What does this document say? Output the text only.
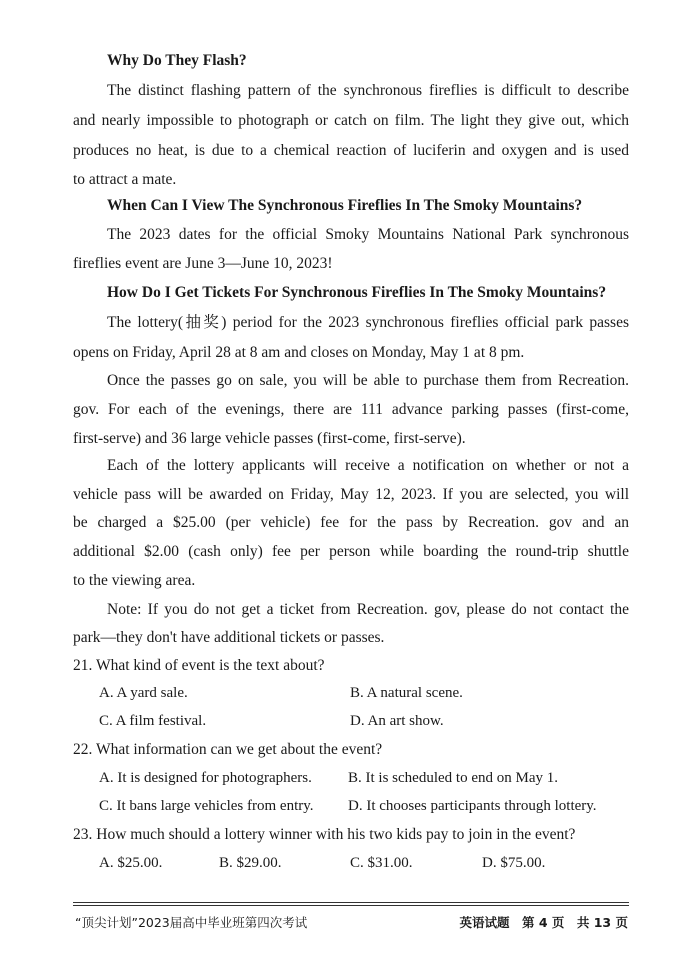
Why Do They Flash?
The distinct flashing pattern of the synchronous fireflies is difficult to describe
and nearly impossible to photograph or catch on film. The light they give out, which
produces no heat, is due to a chemical reaction of luciferin and oxygen and is used
to attract a mate.
When Can I View The Synchronous Fireflies In The Smoky Mountains?
The 2023 dates for the official Smoky Mountains National Park synchronous
fireflies event are June 3—June 10, 2023!
How Do I Get Tickets For Synchronous Fireflies In The Smoky Mountains?
The lottery(抽奖) period for the 2023 synchronous fireflies official park passes
opens on Friday, April 28 at 8 am and closes on Monday, May 1 at 8 pm.
Once the passes go on sale, you will be able to purchase them from Recreation.
gov. For each of the evenings, there are 111 advance parking passes (first-come,
first-serve) and 36 large vehicle passes (first-come, first-serve).
Each of the lottery applicants will receive a notification on whether or not a
vehicle pass will be awarded on Friday, May 12, 2023. If you are selected, you will
be charged a $25.00 (per vehicle) fee for the pass by Recreation. gov and an
additional $2.00 (cash only) fee per person while boarding the round-trip shuttle
to the viewing area.
Note: If you do not get a ticket from Recreation. gov, please do not contact the
park—they don't have additional tickets or passes.
21. What kind of event is the text about?
A. A yard sale.	B. A natural scene.
C. A film festival.	D. An art show.
22. What information can we get about the event?
A. It is designed for photographers. B. It is scheduled to end on May 1.
C. It bans large vehicles from entry. D. It chooses participants through lottery.
23. How much should a lottery winner with his two kids pay to join in the event?
A. $25.00.	B. $29.00.	C. $31.00.	D. $75.00.
“顶尖计划”2023届高中毕业班第四次考试	英语试题　第 4 页　共 13 页
